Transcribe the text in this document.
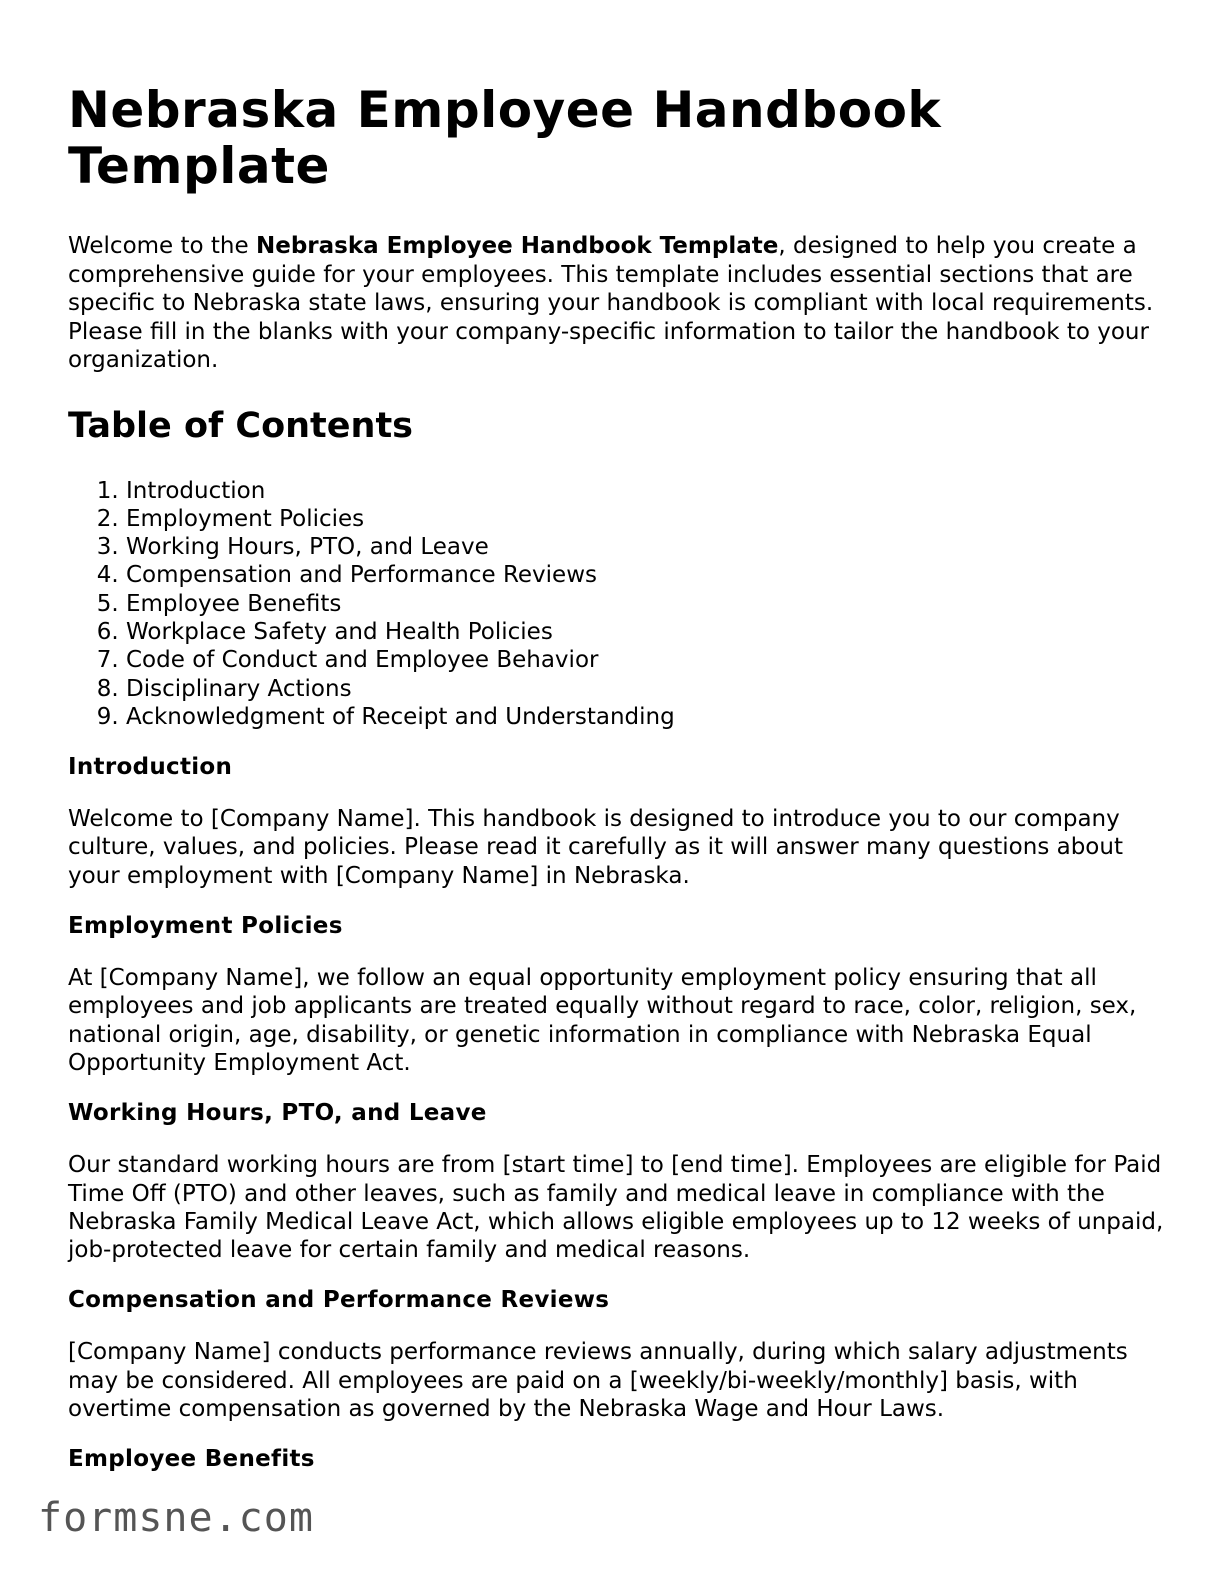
Nebraska Employee Handbook Template

Welcome to the Nebraska Employee Handbook Template, designed to help you create a comprehensive guide for your employees. This template includes essential sections that are specific to Nebraska state laws, ensuring your handbook is compliant with local requirements. Please fill in the blanks with your company-specific information to tailor the handbook to your organization.

Table of Contents
1. Introduction
2. Employment Policies
3. Working Hours, PTO, and Leave
4. Compensation and Performance Reviews
5. Employee Benefits
6. Workplace Safety and Health Policies
7. Code of Conduct and Employee Behavior
8. Disciplinary Actions
9. Acknowledgment of Receipt and Understanding
Introduction

Welcome to [Company Name]. This handbook is designed to introduce you to our company culture, values, and policies. Please read it carefully as it will answer many questions about your employment with [Company Name] in Nebraska.

Employment Policies

At [Company Name], we follow an equal opportunity employment policy ensuring that all employees and job applicants are treated equally without regard to race, color, religion, sex, national origin, age, disability, or genetic information in compliance with Nebraska Equal Opportunity Employment Act.

Working Hours, PTO, and Leave

Our standard working hours are from [start time] to [end time]. Employees are eligible for Paid Time Off (PTO) and other leaves, such as family and medical leave in compliance with the Nebraska Family Medical Leave Act, which allows eligible employees up to 12 weeks of unpaid, job-protected leave for certain family and medical reasons.

Compensation and Performance Reviews

[Company Name] conducts performance reviews annually, during which salary adjustments may be considered. All employees are paid on a [weekly/bi-weekly/monthly] basis, with overtime compensation as governed by the Nebraska Wage and Hour Laws.

Employee Benefits
formsne.com
